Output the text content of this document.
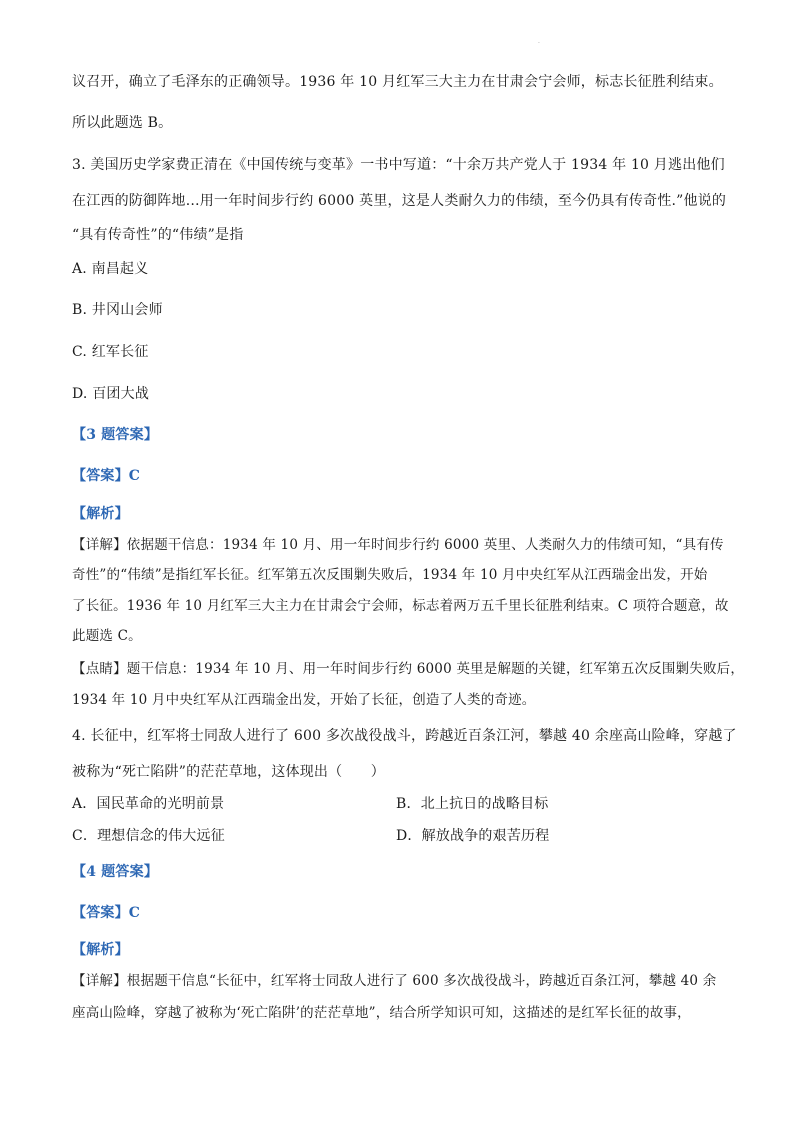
·
议召开，确立了毛泽东的正确领导。1936 年 10 月红军三大主力在甘肃会宁会师，标志长征胜利结束。
所以此题选 B。
3. 美国历史学家费正清在《中国传统与变革》一书中写道：“十余万共产党人于 1934 年 10 月逃出他们
在江西的防御阵地…用一年时间步行约 6000 英里，这是人类耐久力的伟绩，至今仍具有传奇性.”他说的
“具有传奇性”的“伟绩”是指
A. 南昌起义
B. 井冈山会师
C. 红军长征
D. 百团大战
【3 题答案】
【答案】C
【解析】
【详解】依据题干信息：1934 年 10 月、用一年时间步行约 6000 英里、人类耐久力的伟绩可知，“具有传
奇性”的“伟绩”是指红军长征。红军第五次反围剿失败后，1934 年 10 月中央红军从江西瑞金出发，开始
了长征。1936 年 10 月红军三大主力在甘肃会宁会师，标志着两万五千里长征胜利结束。C 项符合题意，故
此题选 C。
【点睛】题干信息：1934 年 10 月、用一年时间步行约 6000 英里是解题的关键，红军第五次反围剿失败后，
1934 年 10 月中央红军从江西瑞金出发，开始了长征，创造了人类的奇迹。
4. 长征中，红军将士同敌人进行了 600 多次战役战斗，跨越近百条江河，攀越 40 余座高山险峰，穿越了
被称为“死亡陷阱”的茫茫草地，这体现出（　　）
A．国民革命的光明前景	B．北上抗日的战略目标
C．理想信念的伟大远征	D．解放战争的艰苦历程
【4 题答案】
【答案】C
【解析】
【详解】根据题干信息“长征中，红军将士同敌人进行了 600 多次战役战斗，跨越近百条江河，攀越 40 余
座高山险峰，穿越了被称为‘死亡陷阱’的茫茫草地”，结合所学知识可知，这描述的是红军长征的故事，
